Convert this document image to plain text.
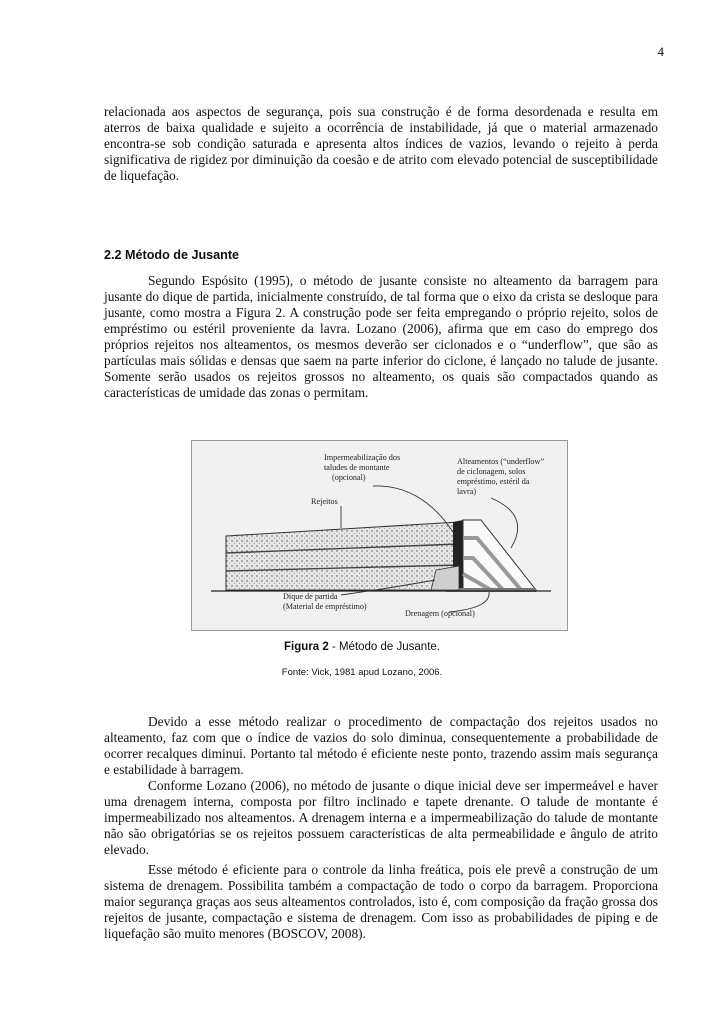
4

relacionada aos aspectos de segurança, pois sua construção é de forma desordenada e resulta em aterros de baixa qualidade e sujeito a ocorrência de instabilidade, já que o material armazenado encontra-se sob condição saturada e apresenta altos índices de vazios, levando o rejeito à perda significativa de rigidez por diminuição da coesão e de atrito com elevado potencial de susceptibilidade de liquefação.

2.2 Método de Jusante

Segundo Espósito (1995), o método de jusante consiste no alteamento da barragem para jusante do dique de partida, inicialmente construído, de tal forma que o eixo da crista se desloque para jusante, como mostra a Figura 2. A construção pode ser feita empregando o próprio rejeito, solos de empréstimo ou estéril proveniente da lavra. Lozano (2006), afirma que em caso do emprego dos próprios rejeitos nos alteamentos, os mesmos deverão ser ciclonados e o “underflow”, que são as partículas mais sólidas e densas que saem na parte inferior do ciclone, é lançado no talude de jusante. Somente serão usados os rejeitos grossos no alteamento, os quais são compactados quando as características de umidade das zonas o permitam.

Impermeabilização dos taludes de montante (opcional)
Alteamentos (“underflow” de ciclonagem, solos empréstimo, estéril da lavra)
Rejeitos
Dique de partida (Material de empréstimo)
Drenagem (opcional)
Figura 2 - Método de Jusante.
Fonte: Vick, 1981 apud Lozano, 2006.

Devido a esse método realizar o procedimento de compactação dos rejeitos usados no alteamento, faz com que o índice de vazios do solo diminua, consequentemente a probabilidade de ocorrer recalques diminui. Portanto tal método é eficiente neste ponto, trazendo assim mais segurança e estabilidade à barragem.

Conforme Lozano (2006), no método de jusante o dique inicial deve ser impermeável e haver uma drenagem interna, composta por filtro inclinado e tapete drenante. O talude de montante é impermeabilizado nos alteamentos. A drenagem interna e a impermeabilização do talude de montante não são obrigatórias se os rejeitos possuem características de alta permeabilidade e ângulo de atrito elevado.

Esse método é eficiente para o controle da linha freática, pois ele prevê a construção de um sistema de drenagem. Possibilita também a compactação de todo o corpo da barragem. Proporciona maior segurança graças aos seus alteamentos controlados, isto é, com composição da fração grossa dos rejeitos de jusante, compactação e sistema de drenagem. Com isso as probabilidades de piping e de liquefação são muito menores (BOSCOV, 2008).
